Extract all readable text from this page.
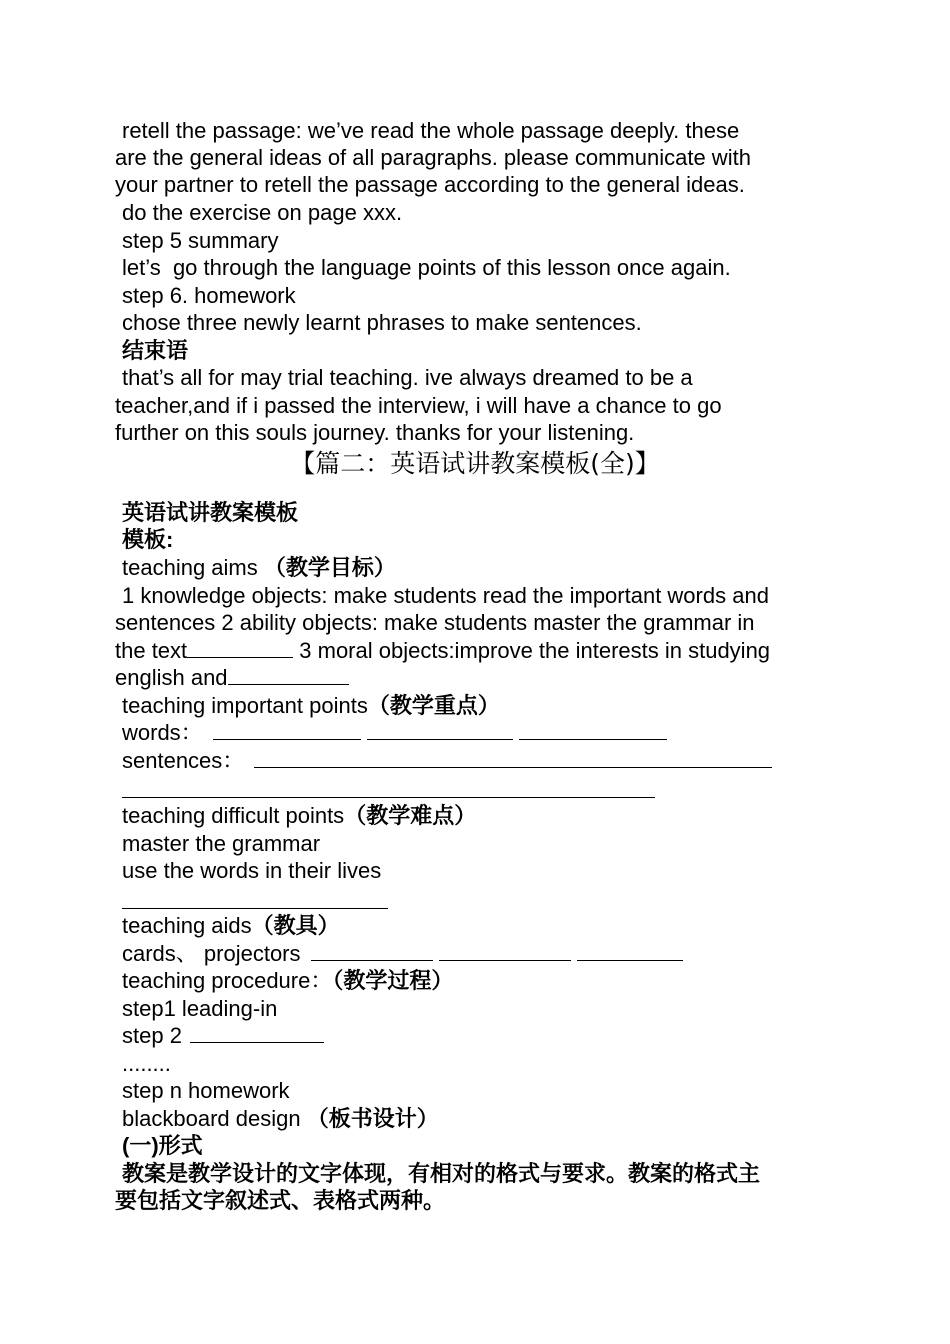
retell the passage: we’ve read the whole passage deeply. these
are the general ideas of all paragraphs. please communicate with
your partner to retell the passage according to the general ideas.
do the exercise on page xxx.
step 5 summary
let’s  go through the language points of this lesson once again.
step 6. homework
chose three newly learnt phrases to make sentences.
结束语
that’s all for may trial teaching. ive always dreamed to be a
teacher,and if i passed the interview, i will have a chance to go
further on this souls journey. thanks for your listening.
【篇二：英语试讲教案模板(全)】
英语试讲教案模板
模板:
teaching aims （教学目标）
1 knowledge objects: make students read the important words and
sentences 2 ability objects: make students master the grammar in
the text	3 moral objects:improve the interests in studying
english and
teaching important points（教学重点）
words：
sentences：
teaching difficult points（教学难点）
master the grammar
use the words in their lives
teaching aids（教具）
cards、 projectors
teaching procedure：（教学过程）
step1 leading-in
step 2
........
step n homework
blackboard design （板书设计）
(一)形式
教案是教学设计的文字体现，有相对的格式与要求。教案的格式主
要包括文字叙述式、表格式两种。
